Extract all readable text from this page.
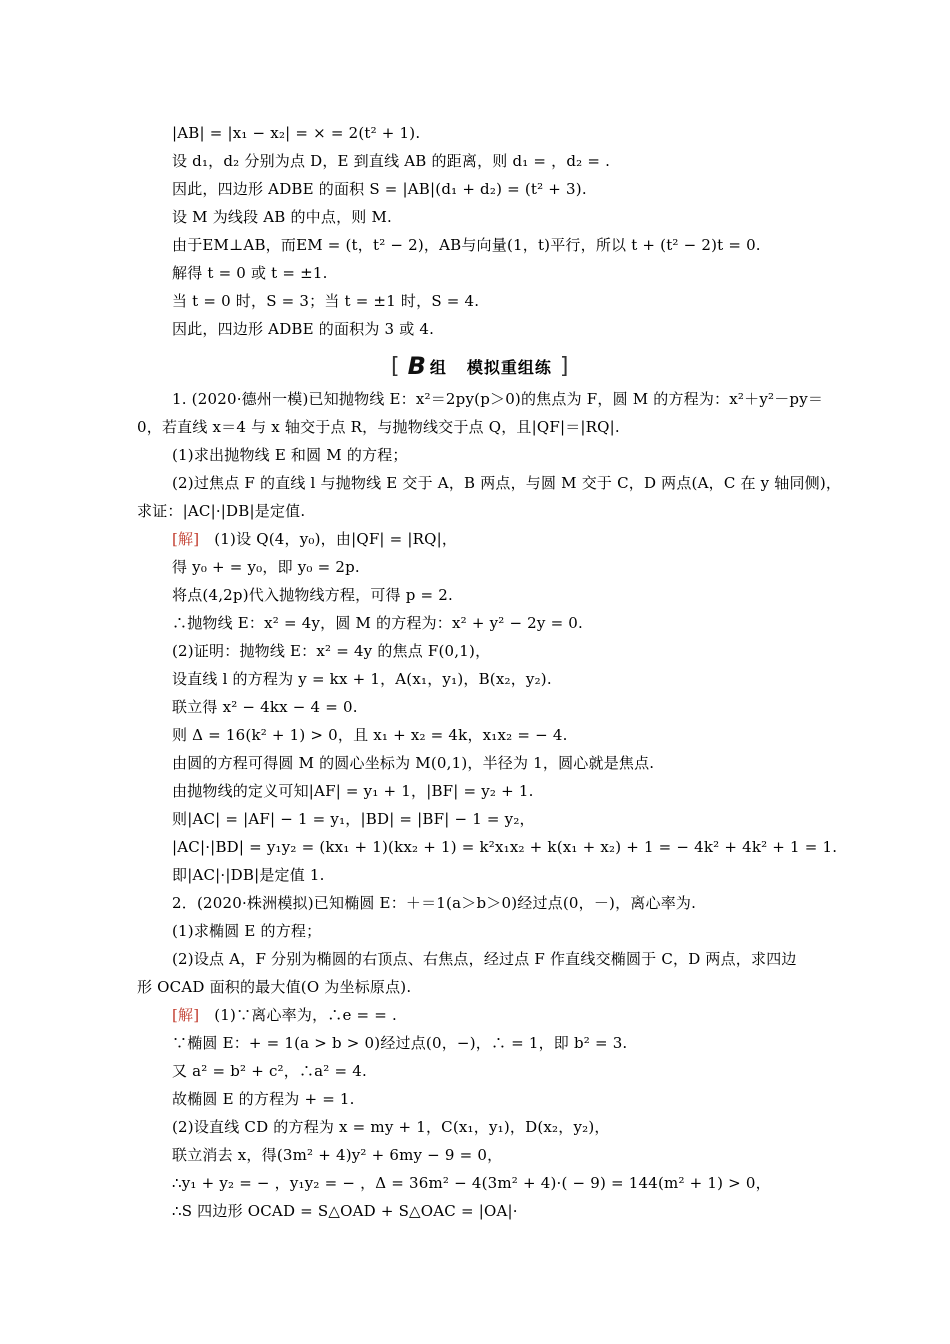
|AB| = |x₁ − x₂| = × = 2(t² + 1).
设 d₁，d₂ 分别为点 D，E 到直线 AB 的距离，则 d₁ = ，d₂ = .
因此，四边形 ADBE 的面积 S = |AB|(d₁ + d₂) = (t² + 3).
设 M 为线段 AB 的中点，则 M.
由于EM⊥AB，而EM = (t，t² − 2)，AB与向量(1，t)平行，所以 t + (t² − 2)t = 0.
解得 t = 0 或 t = ±1.
当 t = 0 时，S = 3；当 t = ±1 时，S = 4.
因此，四边形 ADBE 的面积为 3 或 4.
[ B 组 模拟重组练 ]
1. (2020·德州一模)已知抛物线 E：x²＝2py(p＞0)的焦点为 F，圆 M 的方程为：x²＋y²－py＝
0，若直线 x＝4 与 x 轴交于点 R，与抛物线交于点 Q，且|QF|＝|RQ|.
(1)求出抛物线 E 和圆 M 的方程；
(2)过焦点 F 的直线 l 与抛物线 E 交于 A，B 两点，与圆 M 交于 C，D 两点(A，C 在 y 轴同侧)，
求证：|AC|·|DB|是定值.
[解] (1)设 Q(4，y₀)，由|QF| = |RQ|，
得 y₀ + = y₀，即 y₀ = 2p.
将点(4,2p)代入抛物线方程，可得 p = 2.
∴抛物线 E：x² = 4y，圆 M 的方程为：x² + y² − 2y = 0.
(2)证明：抛物线 E：x² = 4y 的焦点 F(0,1)，
设直线 l 的方程为 y = kx + 1，A(x₁，y₁)，B(x₂，y₂).
联立得 x² − 4kx − 4 = 0.
则 Δ = 16(k² + 1) > 0，且 x₁ + x₂ = 4k，x₁x₂ = − 4.
由圆的方程可得圆 M 的圆心坐标为 M(0,1)，半径为 1，圆心就是焦点.
由抛物线的定义可知|AF| = y₁ + 1，|BF| = y₂ + 1.
则|AC| = |AF| − 1 = y₁，|BD| = |BF| − 1 = y₂，
|AC|·|BD| = y₁y₂ = (kx₁ + 1)(kx₂ + 1) = k²x₁x₂ + k(x₁ + x₂) + 1 = − 4k² + 4k² + 1 = 1.
即|AC|·|DB|是定值 1.
2．(2020·株洲模拟)已知椭圆 E：＋＝1(a＞b＞0)经过点(0，－)，离心率为.
(1)求椭圆 E 的方程；
(2)设点 A，F 分别为椭圆的右顶点、右焦点，经过点 F 作直线交椭圆于 C，D 两点，求四边
形 OCAD 面积的最大值(O 为坐标原点).
[解] (1)∵离心率为，∴e = = .
∵椭圆 E：+ = 1(a > b > 0)经过点(0，−)，∴ = 1，即 b² = 3.
又 a² = b² + c²，∴a² = 4.
故椭圆 E 的方程为 + = 1.
(2)设直线 CD 的方程为 x = my + 1，C(x₁，y₁)，D(x₂，y₂)，
联立消去 x，得(3m² + 4)y² + 6my − 9 = 0，
∴y₁ + y₂ = − ，y₁y₂ = − ，Δ = 36m² − 4(3m² + 4)·( − 9) = 144(m² + 1) > 0，
∴S 四边形 OCAD = S△OAD + S△OAC = |OA|·
